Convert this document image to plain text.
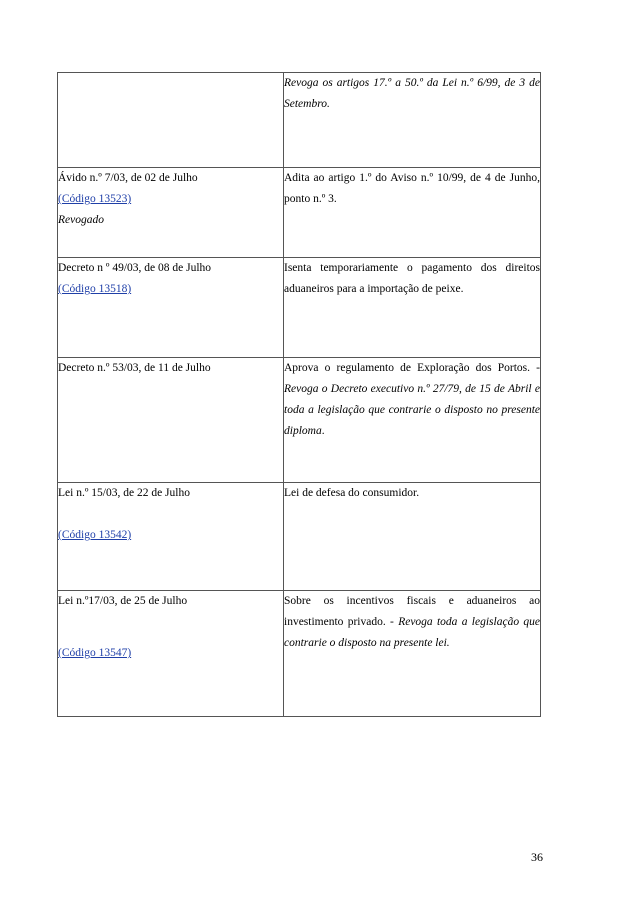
	Revoga os artigos 17.º a 50.º da Lei n.º 6/99, de 3 de Setembro.

Ávido n.º 7/03, de 02 de Julho
(Código 13523)
Revogado	Adita ao artigo 1.º do Aviso n.º 10/99, de 4 de Junho, ponto n.º 3.

Decreto n º 49/03, de 08 de Julho
(Código 13518)	Isenta temporariamente o pagamento dos direitos aduaneiros para a importação de peixe.

Decreto n.º 53/03, de 11 de Julho	Aprova o regulamento de Exploração dos Portos. - Revoga o Decreto executivo n.º 27/79, de 15 de Abril e toda a legislação que contrarie o disposto no presente diploma.

Lei n.º 15/03, de 22 de Julho
(Código 13542)	Lei de defesa do consumidor.

Lei n.º17/03, de 25 de Julho
(Código 13547)	Sobre os incentivos fiscais e aduaneiros ao investimento privado. - Revoga toda a legislação que contrarie o disposto na presente lei.
36
